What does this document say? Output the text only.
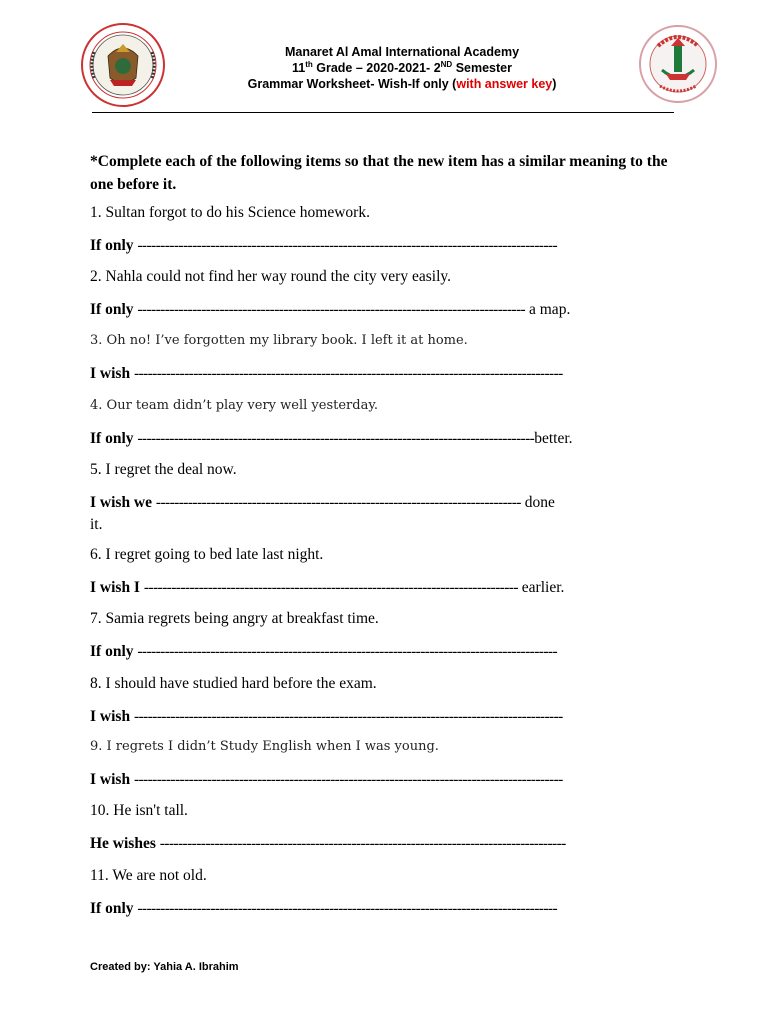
Manaret Al Amal International Academy
11th Grade – 2020-2021- 2ND Semester
Grammar Worksheet- Wish-If only (with answer key)
*Complete each of the following items so that the new item has a similar meaning to the one before it.
1. Sultan forgot to do his Science homework.
If only --------------------------------------------------------------------------------------------
2. Nahla could not find her way round the city very easily.
If only ------------------------------------------------------------------------------------- a map.
3. Oh no! I’ve forgotten my library book. I left it at home.
I wish ----------------------------------------------------------------------------------------------
4. Our team didn’t play very well yesterday.
If only ---------------------------------------------------------------------------------------better.
5. I regret the deal now.
I wish we -------------------------------------------------------------------------------- done
it.
6. I regret going to bed late last night.
I wish I ---------------------------------------------------------------------------------- earlier.
7. Samia regrets being angry at breakfast time.
If only --------------------------------------------------------------------------------------------
8. I should have studied hard before the exam.
I wish ----------------------------------------------------------------------------------------------
9. I regrets I didn’t Study English when I was young.
I wish ----------------------------------------------------------------------------------------------
10. He isn't tall.
He wishes -----------------------------------------------------------------------------------------
11. We are not old.
If only --------------------------------------------------------------------------------------------
Created by: Yahia A. Ibrahim
